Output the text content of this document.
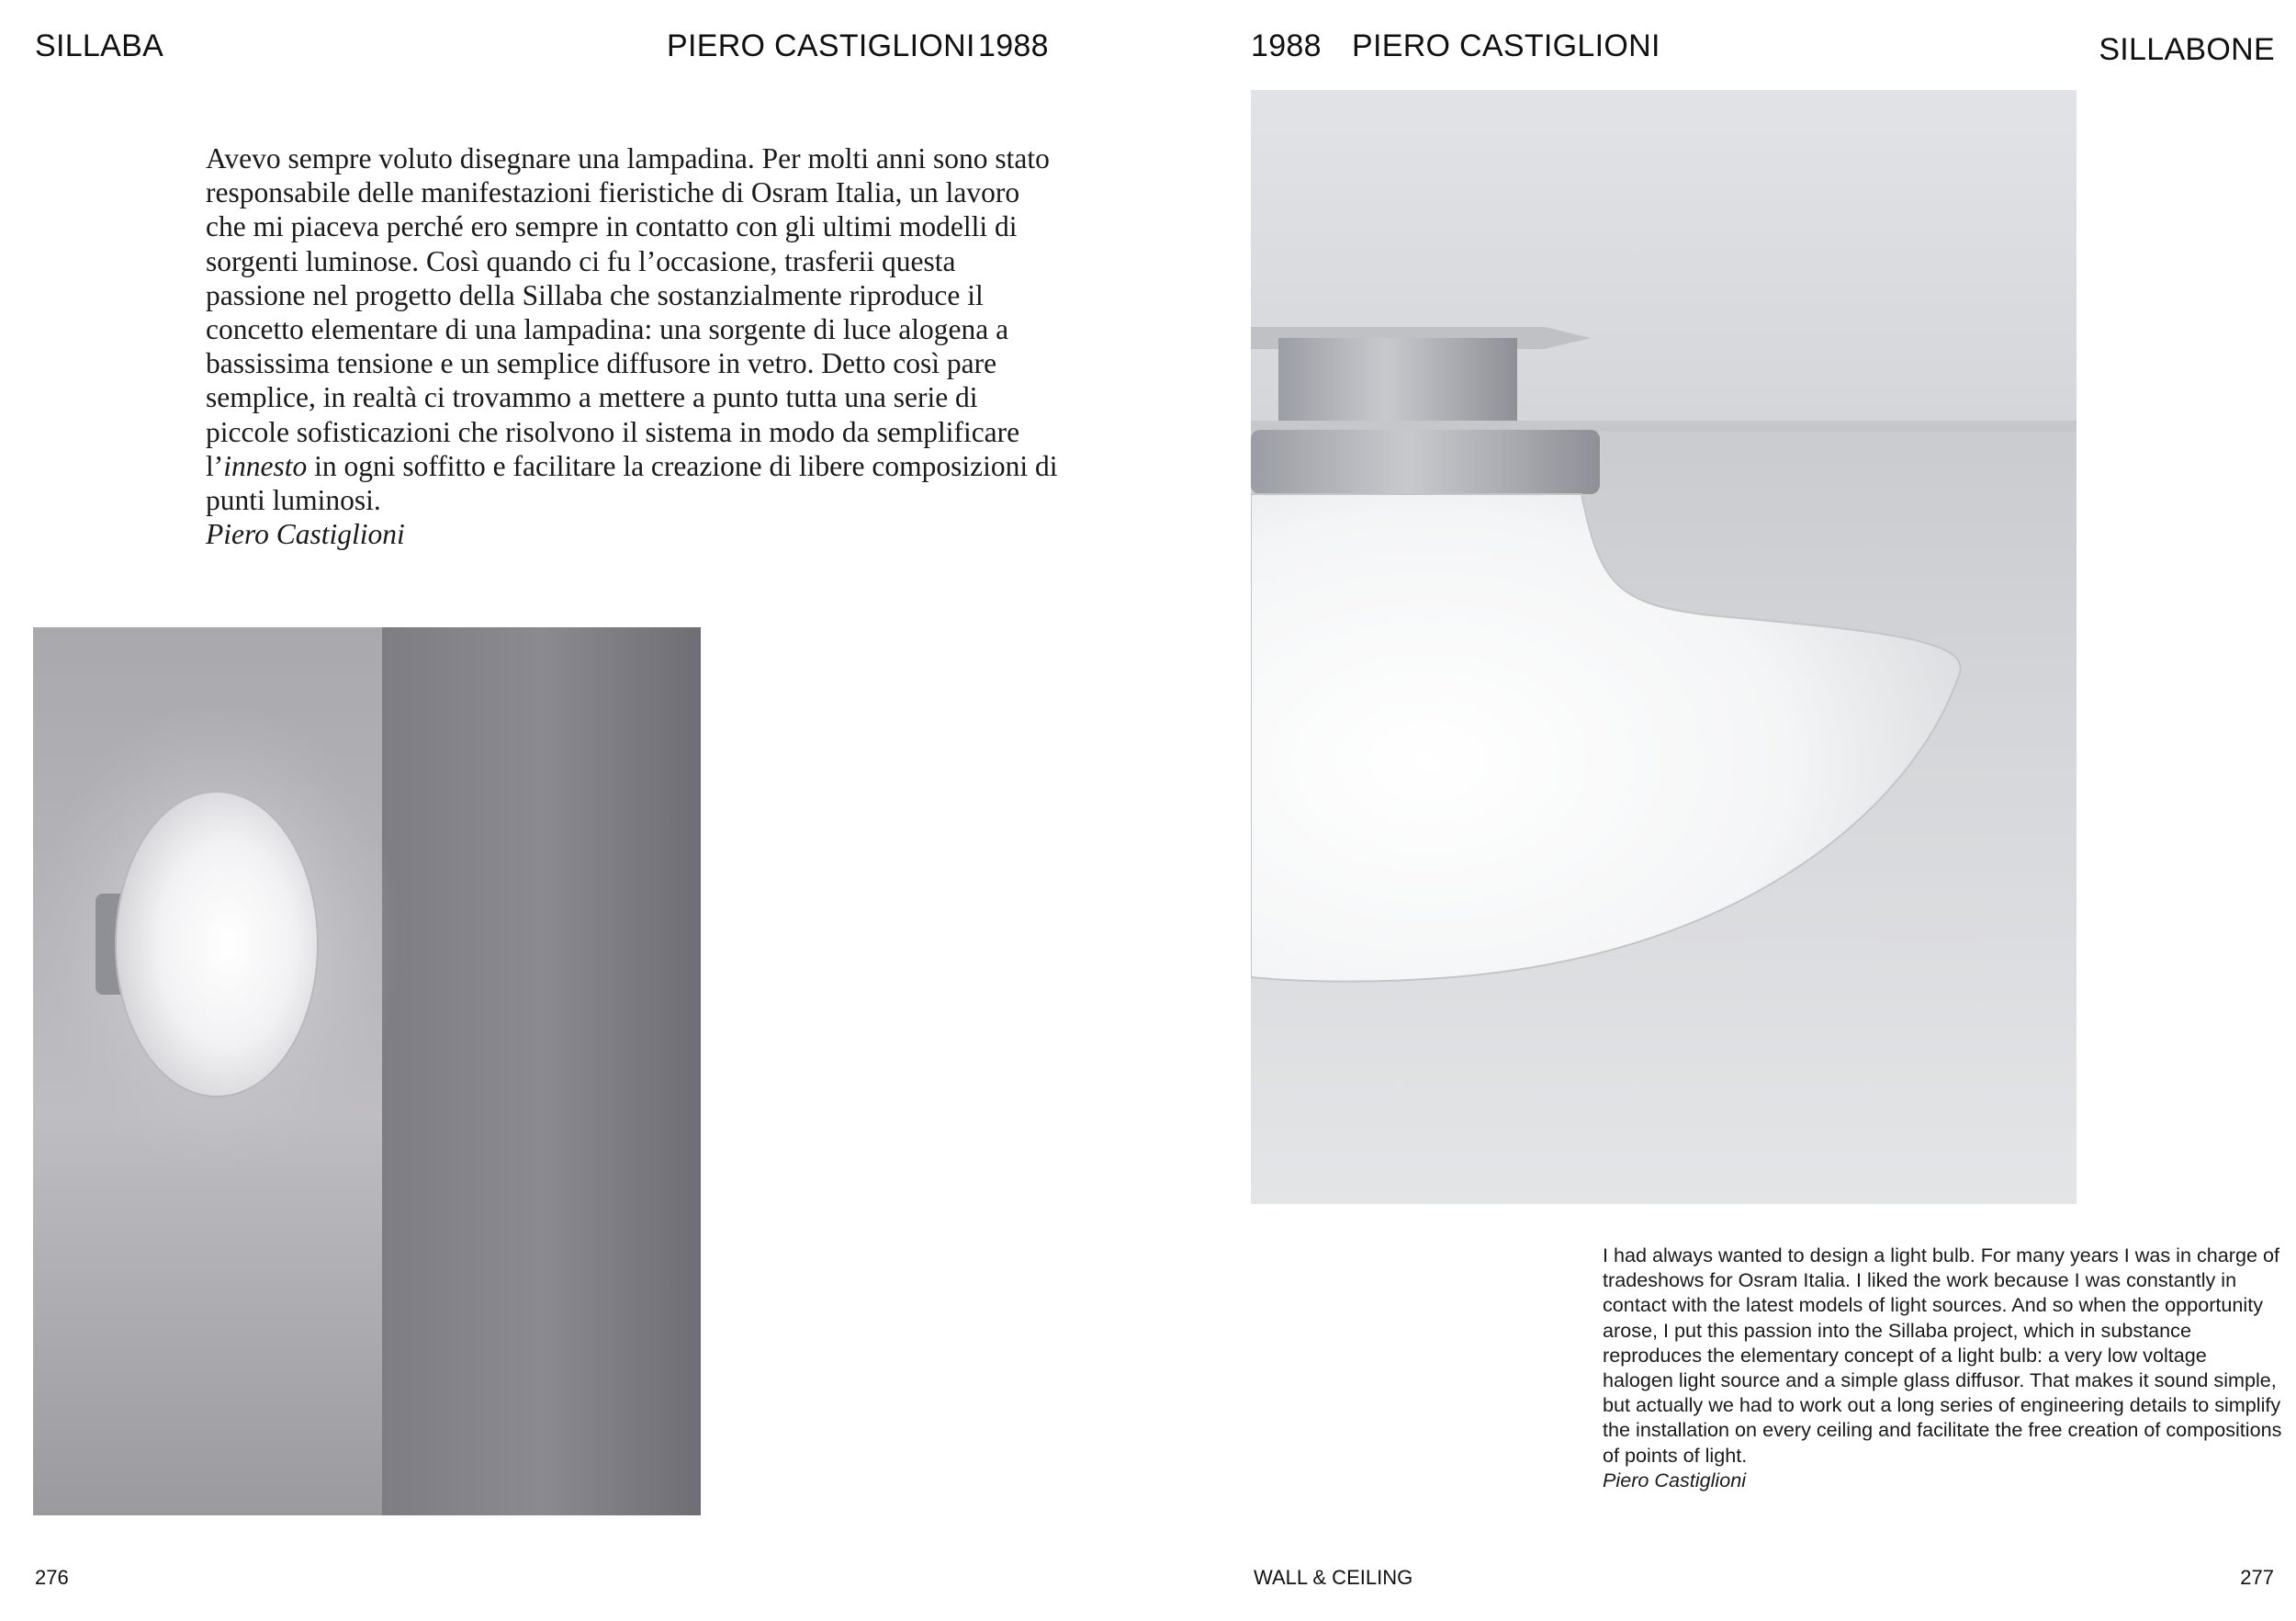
SILLABA	PIERO CASTIGLIONI 1988	1988 PIERO CASTIGLIONI	SILLABONE

Avevo sempre voluto disegnare una lampadina. Per molti anni sono stato responsabile delle manifestazioni fieristiche di Osram Italia, un lavoro che mi piaceva perché ero sempre in contatto con gli ultimi modelli di sorgenti luminose. Così quando ci fu l’occasione, trasferii questa passione nel progetto della Sillaba che sostanzialmente riproduce il concetto elementare di una lampadina: una sorgente di luce alogena a bassissima tensione e un semplice diffusore in vetro. Detto così pare semplice, in realtà ci trovammo a mettere a punto tutta una serie di piccole sofisticazioni che risolvono il sistema in modo da semplificare l’innesto in ogni soffitto e facilitare la creazione di libere composizioni di punti luminosi.

Piero Castiglioni

I had always wanted to design a light bulb. For many years I was in charge of tradeshows for Osram Italia. I liked the work because I was constantly in contact with the latest models of light sources. And so when the opportunity arose, I put this passion into the Sillaba project, which in substance reproduces the elementary concept of a light bulb: a very low voltage halogen light source and a simple glass diffusor. That makes it sound simple, but actually we had to work out a long series of engineering details to simplify the installation on every ceiling and facilitate the free creation of compositions of points of light.

Piero Castiglioni

276	WALL & CEILING	277
